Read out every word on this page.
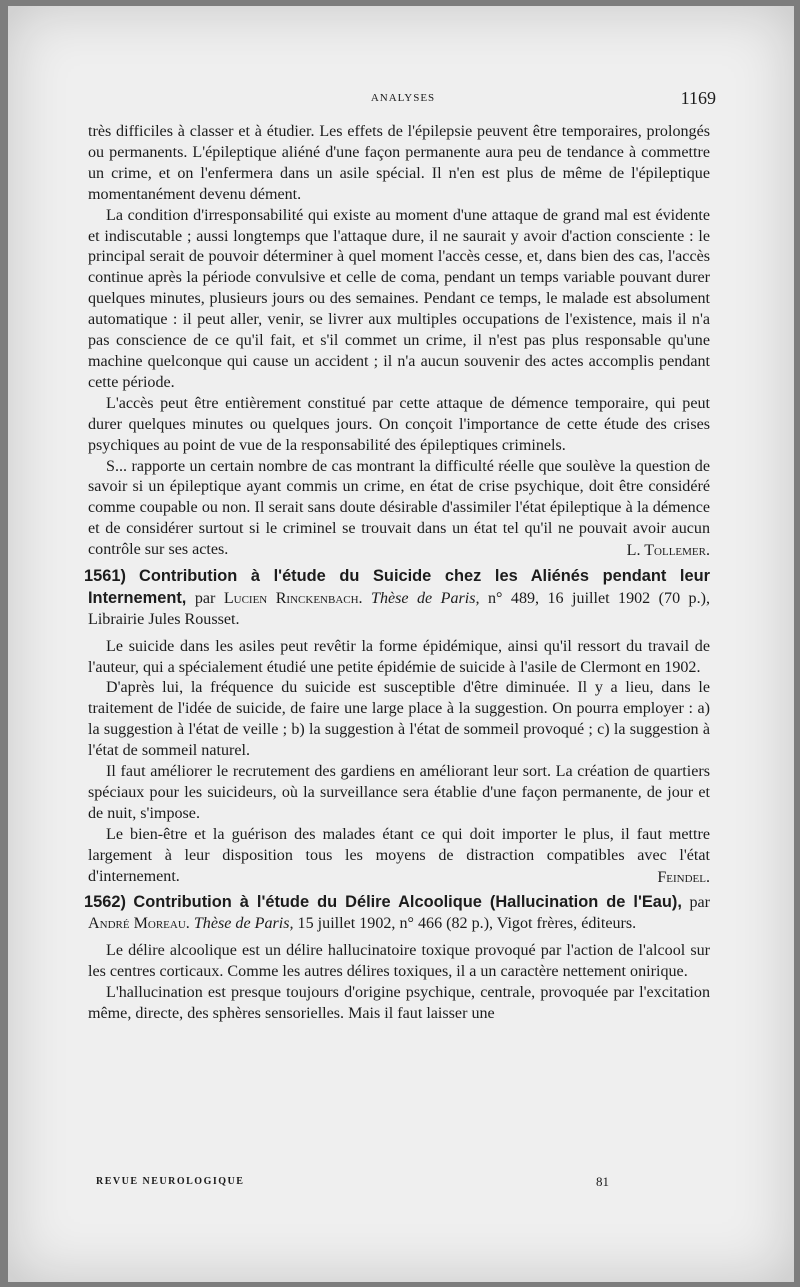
ANALYSES	1169

très difficiles à classer et à étudier. Les effets de l'épilepsie peuvent être temporaires, prolongés ou permanents. L'épileptique aliéné d'une façon permanente aura peu de tendance à commettre un crime, et on l'enfermera dans un asile spécial. Il n'en est plus de même de l'épileptique momentanément devenu dément.

La condition d'irresponsabilité qui existe au moment d'une attaque de grand mal est évidente et indiscutable ; aussi longtemps que l'attaque dure, il ne saurait y avoir d'action consciente : le principal serait de pouvoir déterminer à quel moment l'accès cesse, et, dans bien des cas, l'accès continue après la période convulsive et celle de coma, pendant un temps variable pouvant durer quelques minutes, plusieurs jours ou des semaines. Pendant ce temps, le malade est absolument automatique : il peut aller, venir, se livrer aux multiples occupations de l'existence, mais il n'a pas conscience de ce qu'il fait, et s'il commet un crime, il n'est pas plus responsable qu'une machine quelconque qui cause un accident ; il n'a aucun souvenir des actes accomplis pendant cette période.

L'accès peut être entièrement constitué par cette attaque de démence temporaire, qui peut durer quelques minutes ou quelques jours. On conçoit l'importance de cette étude des crises psychiques au point de vue de la responsabilité des épileptiques criminels.

S... rapporte un certain nombre de cas montrant la difficulté réelle que soulève la question de savoir si un épileptique ayant commis un crime, en état de crise psychique, doit être considéré comme coupable ou non. Il serait sans doute désirable d'assimiler l'état épileptique à la démence et de considérer surtout si le criminel se trouvait dans un état tel qu'il ne pouvait avoir aucun contrôle sur ses actes.	L. Tollemer.

1561) Contribution à l'étude du Suicide chez les Aliénés pendant leur Internement, par Lucien Rinckenbach. Thèse de Paris, n° 489, 16 juillet 1902 (70 p.), Librairie Jules Rousset.

Le suicide dans les asiles peut revêtir la forme épidémique, ainsi qu'il ressort du travail de l'auteur, qui a spécialement étudié une petite épidémie de suicide à l'asile de Clermont en 1902.

D'après lui, la fréquence du suicide est susceptible d'être diminuée. Il y a lieu, dans le traitement de l'idée de suicide, de faire une large place à la suggestion. On pourra employer : a) la suggestion à l'état de veille ; b) la suggestion à l'état de sommeil provoqué ; c) la suggestion à l'état de sommeil naturel.

Il faut améliorer le recrutement des gardiens en améliorant leur sort. La création de quartiers spéciaux pour les suicideurs, où la surveillance sera établie d'une façon permanente, de jour et de nuit, s'impose.

Le bien-être et la guérison des malades étant ce qui doit importer le plus, il faut mettre largement à leur disposition tous les moyens de distraction compatibles avec l'état d'internement.	Feindel.

1562) Contribution à l'étude du Délire Alcoolique (Hallucination de l'Eau), par André Moreau. Thèse de Paris, 15 juillet 1902, n° 466 (82 p.), Vigot frères, éditeurs.

Le délire alcoolique est un délire hallucinatoire toxique provoqué par l'action de l'alcool sur les centres corticaux. Comme les autres délires toxiques, il a un caractère nettement onirique.

L'hallucination est presque toujours d'origine psychique, centrale, provoquée par l'excitation même, directe, des sphères sensorielles. Mais il faut laisser une

REVUE NEUROLOGIQUE	81
